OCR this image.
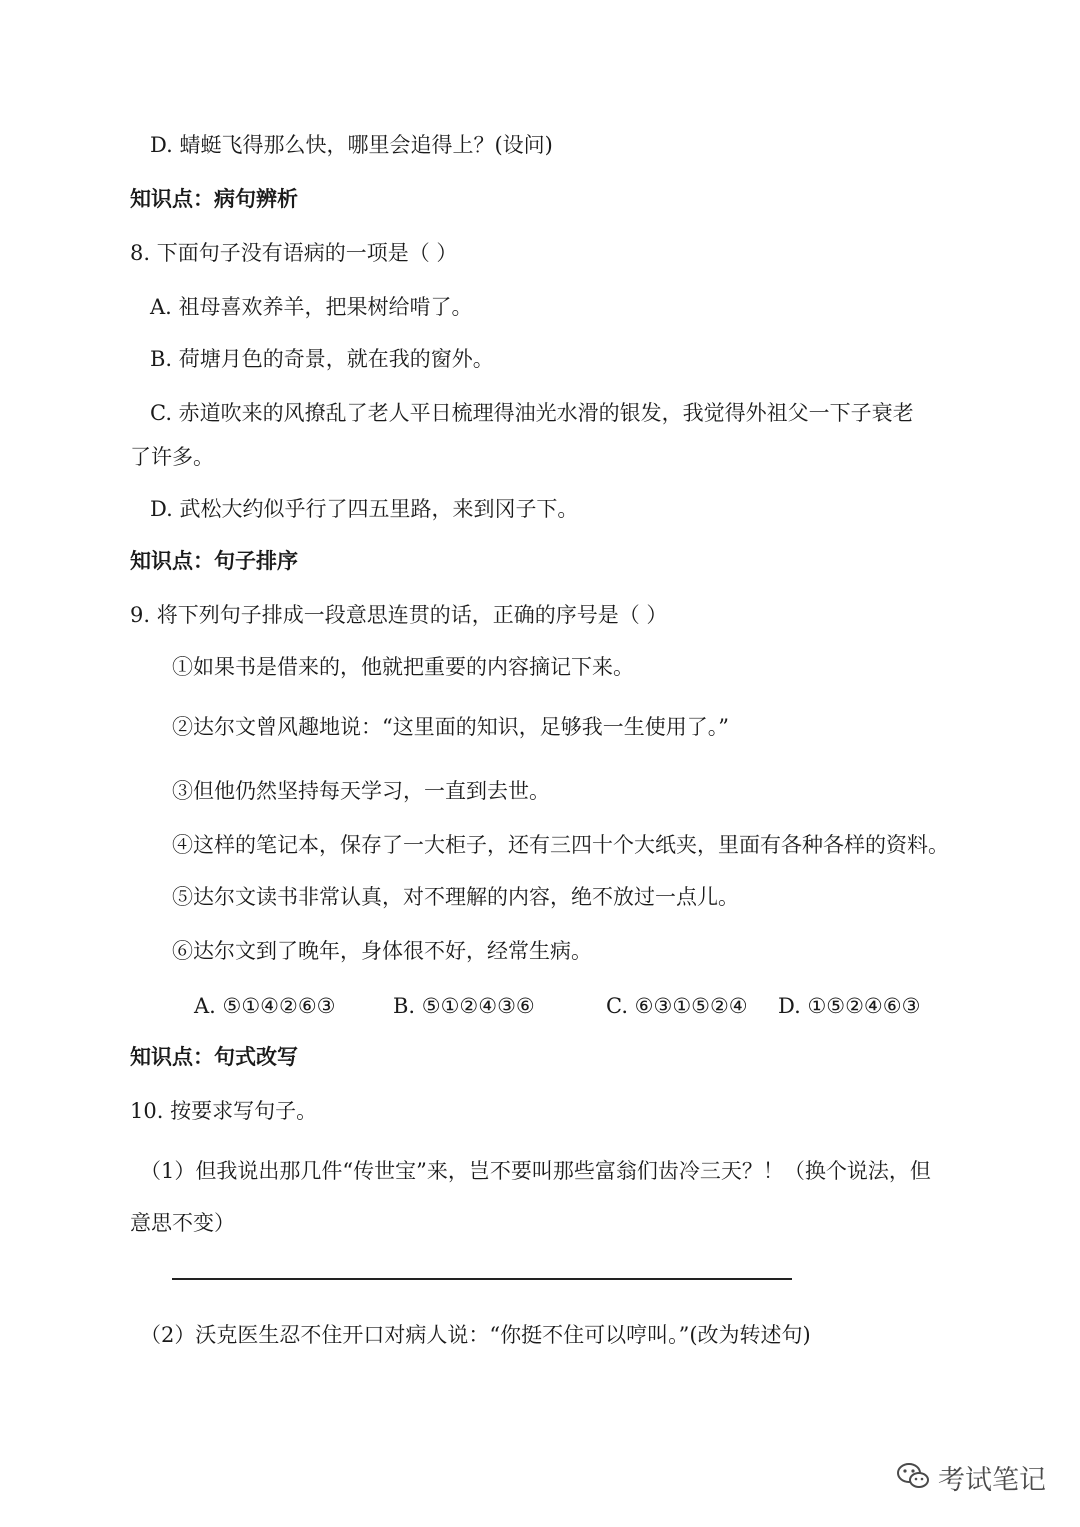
D. 蜻蜓飞得那么快，哪里会追得上？(设问)
知识点：病句辨析
8. 下面句子没有语病的一项是（ ）
A. 祖母喜欢养羊，把果树给啃了。
B. 荷塘月色的奇景，就在我的窗外。
C. 赤道吹来的风撩乱了老人平日梳理得油光水滑的银发，我觉得外祖父一下子衰老
了许多。
D. 武松大约似乎行了四五里路，来到冈子下。
知识点：句子排序
9. 将下列句子排成一段意思连贯的话，正确的序号是（ ）
①如果书是借来的，他就把重要的内容摘记下来。
②达尔文曾风趣地说：“这里面的知识，足够我一生使用了。”
③但他仍然坚持每天学习，一直到去世。
④这样的笔记本，保存了一大柜子，还有三四十个大纸夹，里面有各种各样的资料。
⑤达尔文读书非常认真，对不理解的内容，绝不放过一点儿。
⑥达尔文到了晚年，身体很不好，经常生病。
A. ⑤①④②⑥③	B. ⑤①②④③⑥	C. ⑥③①⑤②④ D. ①⑤②④⑥③
知识点：句式改写
10. 按要求写句子。
（1）但我说出那几件“传世宝”来，岂不要叫那些富翁们齿冷三天？！（换个说法，但
意思不变）
（2）沃克医生忍不住开口对病人说：“你挺不住可以哼叫。”(改为转述句)
考试笔记
